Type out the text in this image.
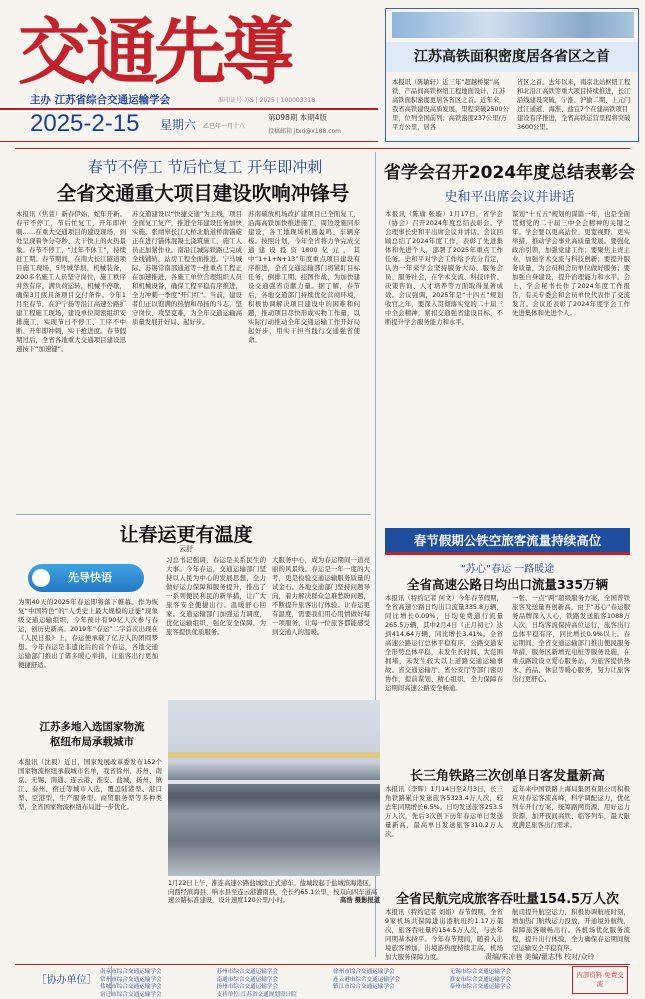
交通先導
主办 江苏省综合交通运输学会	准印证号 苏S | 2025 | 100003318
2025-2-15 星期六 乙巳年一月十八
第098期 本期4版
投稿邮箱 jtxd@x188.com
江苏高铁面积密度居各省区之首
本报讯（陈敏轩）近三年“超越桥梁”高铁、产品间高铁枢纽工程地面设计，江苏高铁面积密度更居各省区之首。近年来，我省高铁建设高质发展，里程突破2500公里，位列全国前列；高铁密度237公里/万平方公里，居各
省区之首。去年以来，南京北站枢纽工程和北沿江高铁等重大项目持续推进，长江沿线建设突破，宁淮、沪渝二期、上元门过江通道、海淮、盐宜7个在建高铁项目建设有序推进，全省高铁运营里程将突破3600公里。
春节不停工 节后忙复工 开年即冲刺
全省交通重大项目建设吹响冲锋号
本报讯（焦萱）新春伊始，蛇年开新。春节不停工，节后忙复工，开年即冲刺……在重大交通项目的建设现场，到处呈现着争分夺秒、大干快上的火热景象。春节不停工，“过年不休工”，持续赶工期。春节期间，在南大长江隧道项目施工现场，5号城华坝、机械装备，200多名施工人员坚守岗位，施工秩序井然有序，满负荷运转，机械不停歇，确保3月底具备项目交付条件。今年1月至春节，在沪宁扬等沿江高速公路扩建工程施工现场，建设单位周密组织安排施工，实现节日不停工、工序不中断。开年即冲刺，实干抢进度。春节假期过后，全省各地重大交通项目建设迅速按下“加速键”。
苏交通建设以“快捷交通”为主线，项目全面复工复产，推进全年建设任务加快实施。张靖皋长江大桥北航道桥南锚碇正在进行锚体混凝土浇筑施工，施工人员正加紧作业。南沿江城际铁路已完成全线铺轨，站房工程全面推进。宁马城际、苏锡常南部通道等一批重点工程正在加速推进，各施工单位合理组织人员和机械设备，确保工程平稳有序推进，全力冲刺一季度“开门红”。当前，建设者们正以饱满的热情和昂扬的斗志，坚守岗位、攻坚克难，为全年交通运输高质量发展开好局、起好步。
苏南硕放机场改扩建项目已全面复工，沿海高铁加快推进施工，周边设施同步建设，各工地现场机器轰鸣、车辆穿梭。按照计划，今年全省将力争完成交通建设投资1800亿元，其中“1+1+N+13”年度重点项目建设有序推进，全省交通运输部门将紧盯目标任务，倒排工期、挂图作战，为加快建设交通强省贡献力量。据了解，春节后，各地交通部门持续优化营商环境，积极协调解决项目建设中的困难和问题，推动项目尽快形成实物工作量，以实际行动推动全年交通运输工作开好局起好步，用实干担当践行交通强省使命。
省学会召开2024年度总结表彰会
史和平出席会议并讲话
本报讯（陈瑜 张璇）1月17日，省学会（协会）召开2024年度总结表彰会。学会理事长史和平出席会议并讲话。会议回顾总结了2024年度工作，表彰了先进集体和先进个人，部署了2025年重点工作任务。史和平对学会工作给予充分肯定，认为一年来学会坚持服务大局、服务会员、服务社会，在学术交流、科技评价、决策咨询、人才培养等方面取得显著成效。会议强调，2025年是“十四五”规划收官之年，要深入贯彻落实党的二十届三中全会精神，紧扣交通强省建设目标，不断提升学会服务能力和水平。
谋划“十五五”规划的谋篇一年，也是全面贯彻党的二十届三中全会精神的关键之年。学会要以更高站位、更宽视野、更实举措，推动学会事业高质量发展。要强化政治引领，加强党建工作；要聚焦主责主业，加强学术交流与科技创新；要提升服务质量，为会员和会员单位做好服务；要加强自身建设，提升治理能力和水平。会上，学会秘书长作了2024年度工作报告，有关专委会和会员单位代表作了交流发言。会议还表彰了2024年度学会工作先进集体和先进个人。
让春运更有温度
云舒
先导快语
为期40天的2025年春运即将落下帷幕。作为恢复“中国特色”的“人类史上最大规模的迁徙”现象级交通运输组织，今年预计有90亿人次参与春运，创历史新高。2019年“春运”二字首次出现在《人民日报》上，春运便承载了亿万人的团圆梦想。今年春运是非遗化后的首个春运，各地交通运输部门推出了诸多暖心举措，让旅客出行更加便捷舒适。
习总书记强调，春运是关系民生的大事。今年春运，交通运输部门坚持以人民为中心的发展思想，全力做好运力保障和服务提升，推出了一系列便民利民的新举措，让广大旅客安全便捷出行、温暖舒心回家。交通运输部门加强运力调度，优化运输组织，强化安全保障，为旅客提供优质服务。
大服务中心，成为春运期间一道亮丽的风景线。春运是一年一度的大考，更是检验交通运输服务质量的试金石。各地交通部门坚持问题导向，着力解决群众急难愁盼问题，不断提升旅客出行体验。让春运更有温度，需要我们用心用情做好每一项服务，让每一位旅客都能感受到交通人的温暖。
江苏多地入选国家物流
枢纽布局承载城市
本报讯（沈毅）近日，国家发展改革委发布152个国家物流枢纽承载城市名单，我省徐州、苏州、南京、无锡、南通、连云港、淮安、盐城、扬州、镇江、泰州、宿迁等城市入选，覆盖陆港型、港口型、空港型、生产服务型、商贸服务型等多种类型，全省国家物流枢纽布局进一步优化。
1月22日上午，淮连高速公路盐城段正式通车。盐城段起于盐城滨海港区，向西经滨海县、响水县至连云港灌南县，全长约65.1公里，按双向四车道高速公路标准建设，设计速度120公里/小时。	高浩 摄影报道
春节假期公铁空旅客流量持续高位
“苏心”春运 一路暖途
全省高速公路日均出口流量335万辆
本报讯（特约记者 何文）今年春节假期，全省高速公路日均出口流量335.8万辆，同比增长0.09%，日均免费通行流量265.5万辆，其中2月4日（正月初七）达到414.64万辆，同比增长3.41%。全省高速公路运行总体平稳有序，公路交通安全形势总体平稳，未发生长时间、大范围拥堵，未发生较大以上道路交通运输事故。省交通运输厅、省公安厅等部门密切协作，提前谋划、精心组织，全力保障春运期间高速公路安全畅通。
一张、一点“两”超级服务方案，全国普铁旅客发送量再创新高，由于“苏心”春运服务品牌深入人心，铁路发送旅客1088万人次，日均客流保持高位运行，旅客出行总体平稳有序，同比增长0.9%以上。春运期间，全省交通运输部门推出便民服务举措，服务区新增充电桩等服务设施，在重点路段设立爱心服务站，为旅客提供热水、药品、休息等暖心服务，努力让旅客出行更舒心。
长三角铁路三次创单日客发量新高
本报讯（李晖）1月14日至2月3日，长三角铁路累计发送旅客5323.4万人次，较去年同期增长6.5%。日均发送旅客253.5万人次，先后3次创下历年春运单日发送量新高，最高单日发送旅客310.2万人次。
近年来中国铁路上海局集团有限公司积极应对春运客流高峰，科学调配运力，优化列车开行方案，统筹路网资源，用好运力资源，加开夜间高铁、临客列车，最大限度满足旅客出行需求。
全省民航完成旅客吞吐量154.5万人次
本报讯（特约记者 刘娟）春节假期，全省9家机场共保障进出港航班约1.17万架次，旅客吞吐量约154.5万人次，与去年同期基本持平。今年春节期间，随着入出境旅客增加，出境游热度持续走高，机场加大服务保障力度。
航司提升航空运力，积极协调航班时刻，增加热门航线运力投放，开通境外航线，保障旅客顺畅出行。各机场优化服务流程，提升出行体验，全力确保春运期间航空运输安全平稳有序。
［协办单位］
南京市综合交通运输学会	苏州市综合交通运输学会	徐州市综合交通运输学会	无锡市综合交通运输学会
常州市综合交通运输学会	南通市综合交通运输学会	连云港市综合交通运输学会	淮安市综合交通运输学会
盐城市综合交通运输学会	扬州市综合交通运输学会	镇江市综合交通运输学会	泰州市综合交通运输学会
宿迁市综合交通运输学会	支持单位:江苏省交通规划设计院
内部资料 免费交流
责编/朱凉巷 美编/翟志伟 校对/众玲
